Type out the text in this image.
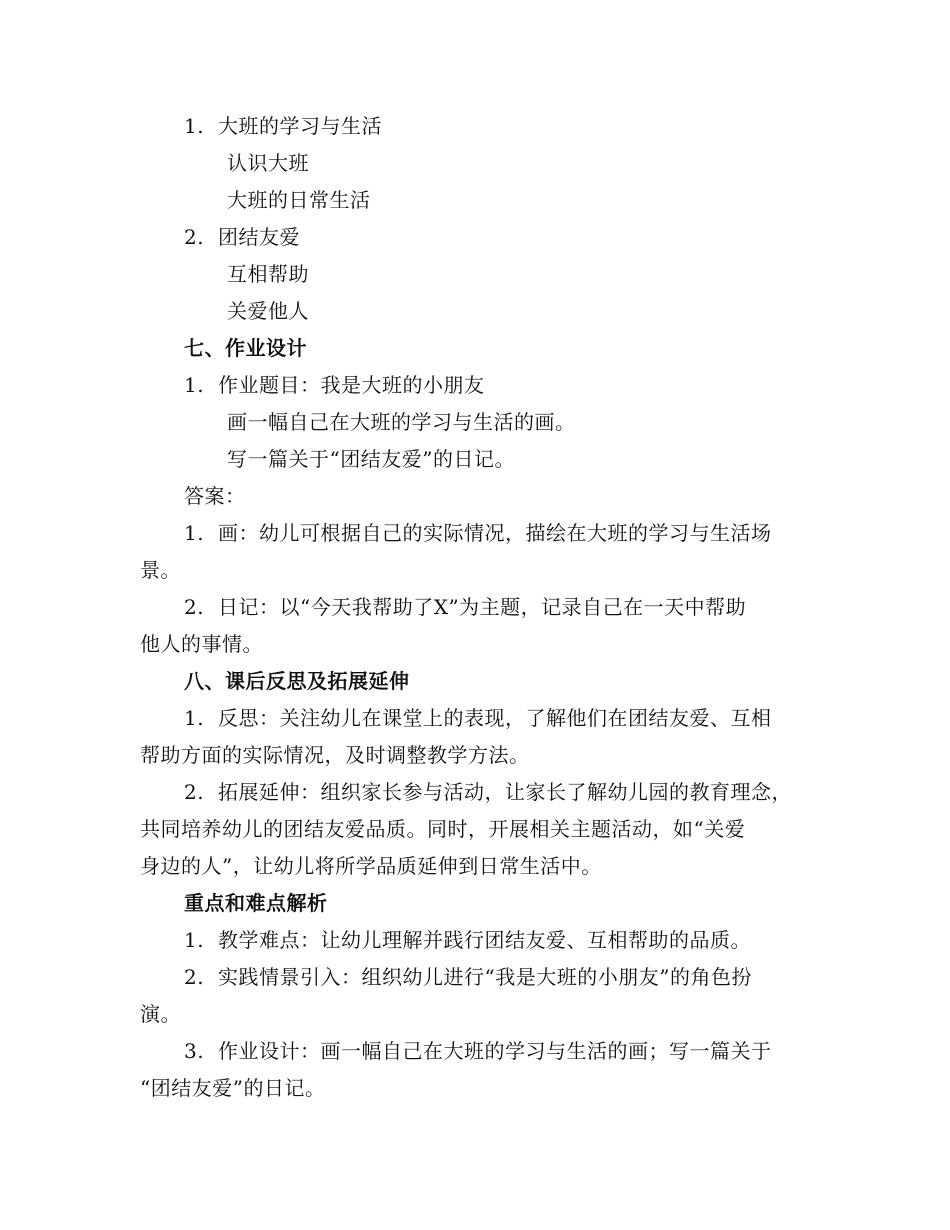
1. 大班的学习与生活
认识大班
大班的日常生活
2. 团结友爱
互相帮助
关爱他人
七、作业设计
1. 作业题目：我是大班的小朋友
画一幅自己在大班的学习与生活的画。
写一篇关于“团结友爱”的日记。
答案：
1. 画：幼儿可根据自己的实际情况，描绘在大班的学习与生活场
景。
2. 日记：以“今天我帮助了X”为主题，记录自己在一天中帮助
他人的事情。
八、课后反思及拓展延伸
1. 反思：关注幼儿在课堂上的表现，了解他们在团结友爱、互相
帮助方面的实际情况，及时调整教学方法。
2. 拓展延伸：组织家长参与活动，让家长了解幼儿园的教育理念，
共同培养幼儿的团结友爱品质。同时，开展相关主题活动，如“关爱
身边的人”，让幼儿将所学品质延伸到日常生活中。
重点和难点解析
1. 教学难点：让幼儿理解并践行团结友爱、互相帮助的品质。
2. 实践情景引入：组织幼儿进行“我是大班的小朋友”的角色扮
演。
3. 作业设计：画一幅自己在大班的学习与生活的画；写一篇关于
“团结友爱”的日记。
